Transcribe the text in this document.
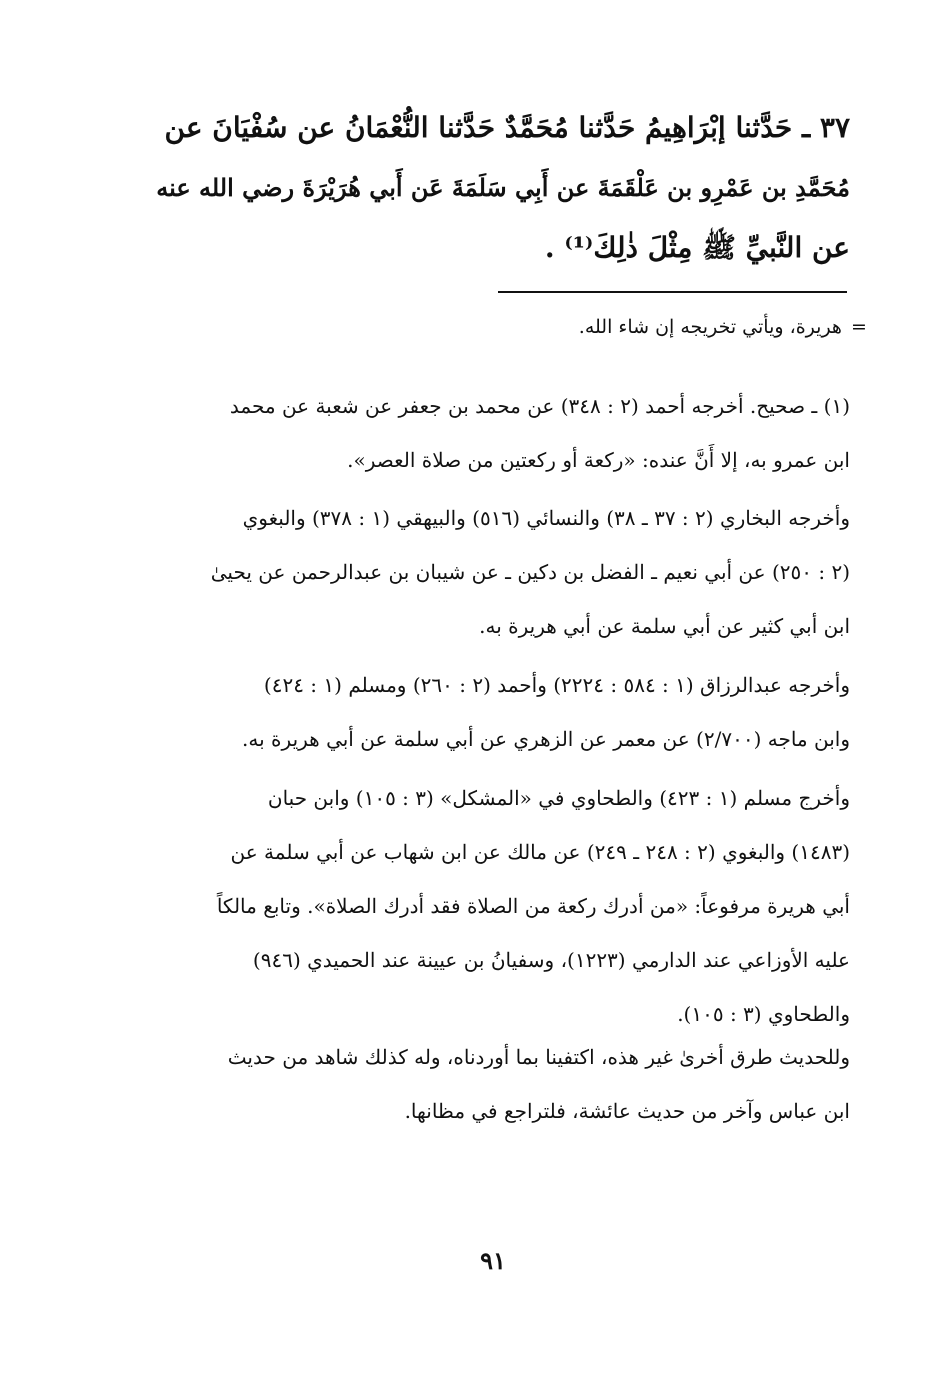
٣٧ ـ حَدَّثنا إبْرَاهِيمُ حَدَّثنا مُحَمَّدٌ حَدَّثنا النُّعْمَانُ عن سُفْيَانَ عن

مُحَمَّدِ بن عَمْرِو بن عَلْقَمَةَ عن أَبِي سَلَمَةَ عَن أَبي هُرَيْرَةَ رضي الله عنه

عن النَّبيِّ ﷺ مِثْلَ ذٰلِكَ⁽¹⁾ .

= هريرة، ويأتي تخريجه إن شاء الله.

(١) ـ صحيح. أخرجه أحمد (٢ : ٣٤٨) عن محمد بن جعفر عن شعبة عن محمد

ابن عمرو به، إلا أَنَّ عنده: «ركعة أو ركعتين من صلاة العصر».

وأخرجه البخاري (٢ : ٣٧ ـ ٣٨) والنسائي (٥١٦) والبيهقي (١ : ٣٧٨) والبغوي

(٢ : ٢٥٠) عن أبي نعيم ـ الفضل بن دكين ـ عن شيبان بن عبدالرحمن عن يحيىٰ

ابن أبي كثير عن أبي سلمة عن أبي هريرة به.

وأخرجه عبدالرزاق (١ : ٥٨٤ : ٢٢٢٤) وأحمد (٢ : ٢٦٠) ومسلم (١ : ٤٢٤)

وابن ماجه (٢/٧٠٠) عن معمر عن الزهري عن أبي سلمة عن أبي هريرة به.

وأخرج مسلم (١ : ٤٢٣) والطحاوي في «المشكل» (٣ : ١٠٥) وابن حبان

(١٤٨٣) والبغوي (٢ : ٢٤٨ ـ ٢٤٩) عن مالك عن ابن شهاب عن أبي سلمة عن

أبي هريرة مرفوعاً: «من أدرك ركعة من الصلاة فقد أدرك الصلاة». وتابع مالكاً

عليه الأوزاعي عند الدارمي (١٢٢٣)، وسفيانُ بن عيينة عند الحميدي (٩٤٦)

والطحاوي (٣ : ١٠٥).

وللحديث طرق أخرىٰ غير هذه، اكتفينا بما أوردناه، وله كذلك شاهد من حديث

ابن عباس وآخر من حديث عائشة، فلتراجع في مظانها.

٩١
